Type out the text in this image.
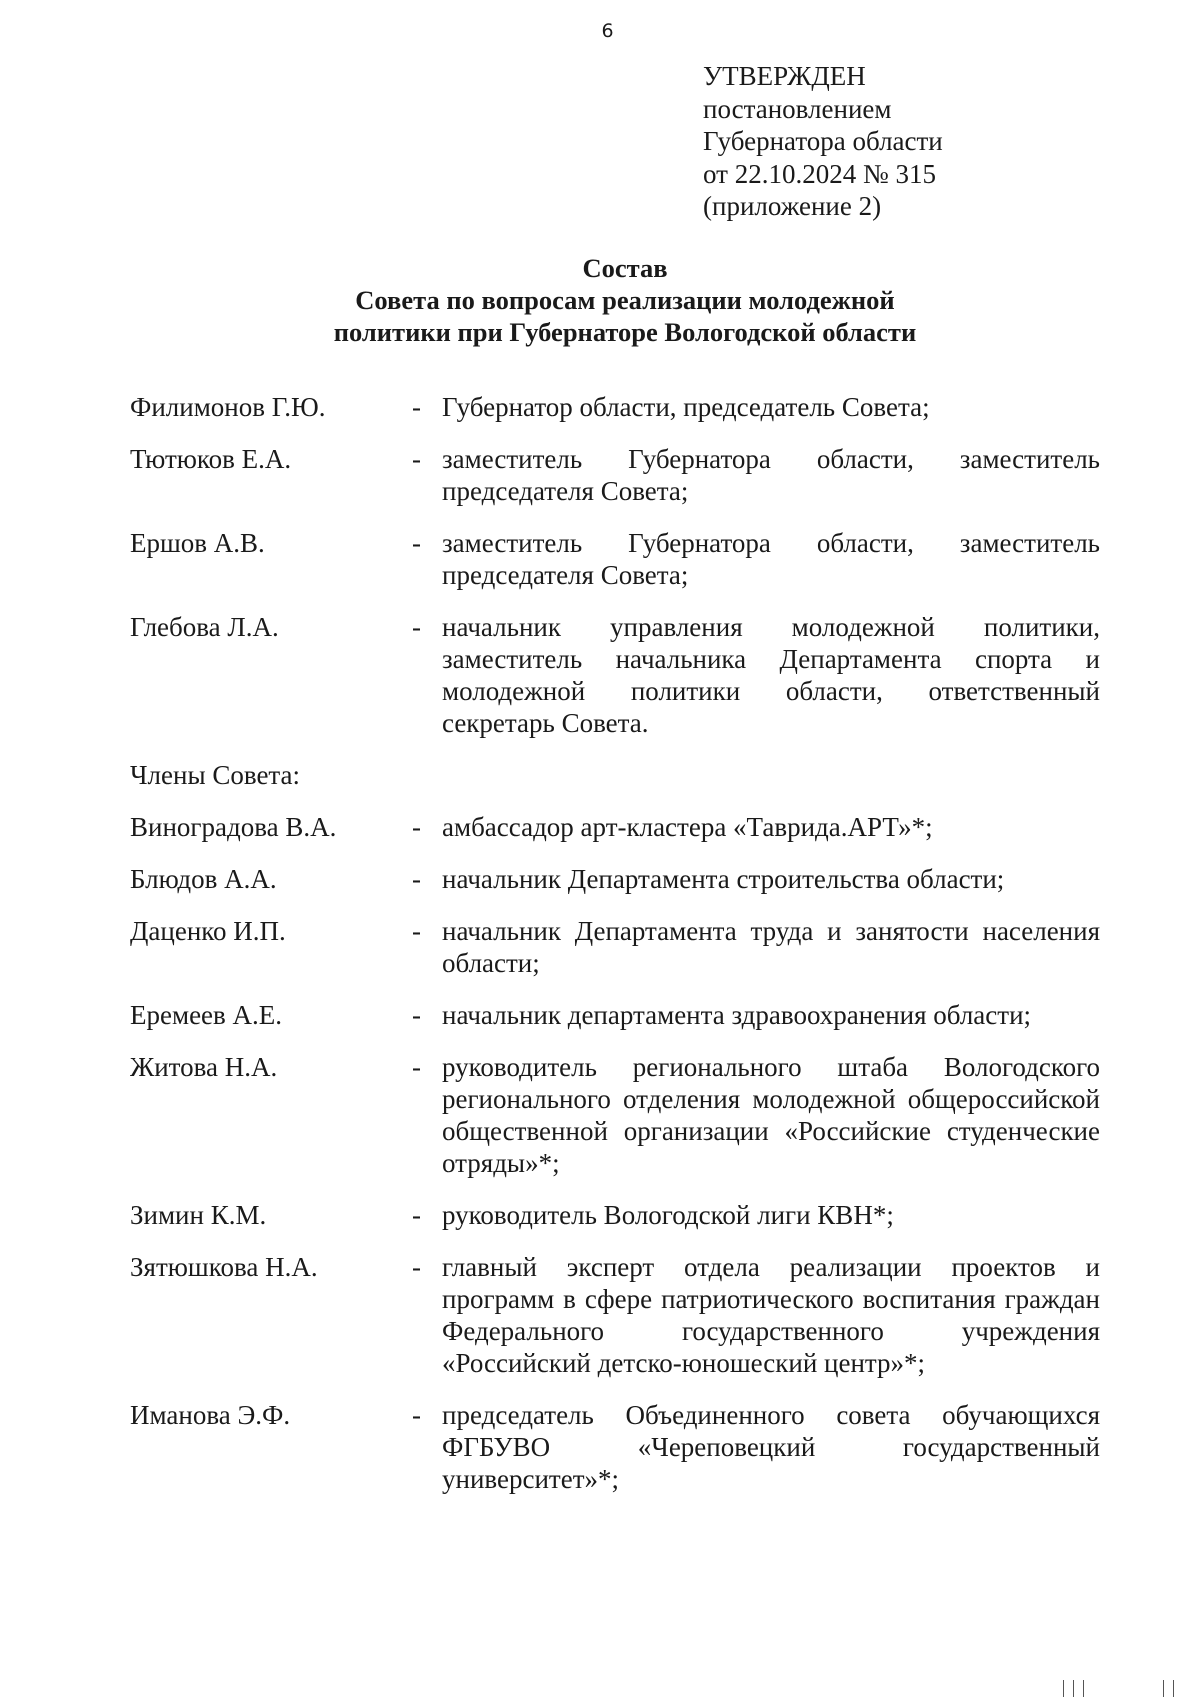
6
УТВЕРЖДЕН
постановлением
Губернатора области
от 22.10.2024 № 315
(приложение 2)
Состав
Совета по вопросам реализации молодежной
политики при Губернаторе Вологодской области
Филимонов Г.Ю.	- Губернатор области, председатель Совета;
Тютюков Е.А.	- заместитель Губернатора области, заместитель председателя Совета;
Ершов А.В.	- заместитель Губернатора области, заместитель председателя Совета;
Глебова Л.А.	- начальник управления молодежной политики, заместитель начальника Департамента спорта и молодежной политики области, ответственный секретарь Совета.
Члены Совета:
Виноградова В.А.	- амбассадор арт-кластера «Таврида.АРТ»*;
Блюдов А.А.	- начальник Департамента строительства области;
Даценко И.П.	- начальник Департамента труда и занятости населения области;
Еремеев А.Е.	- начальник департамента здравоохранения области;
Житова Н.А.	- руководитель регионального штаба Вологодского регионального отделения молодежной общероссийской общественной организации «Российские студенческие отряды»*;
Зимин К.М.	- руководитель Вологодской лиги КВН*;
Зятюшкова Н.А.	- главный эксперт отдела реализации проектов и программ в сфере патриотического воспитания граждан Федерального государственного учреждения «Российский детско-юношеский центр»*;
Иманова Э.Ф.	- председатель Объединенного совета обучающихся ФГБУВО «Череповецкий государственный университет»*;
